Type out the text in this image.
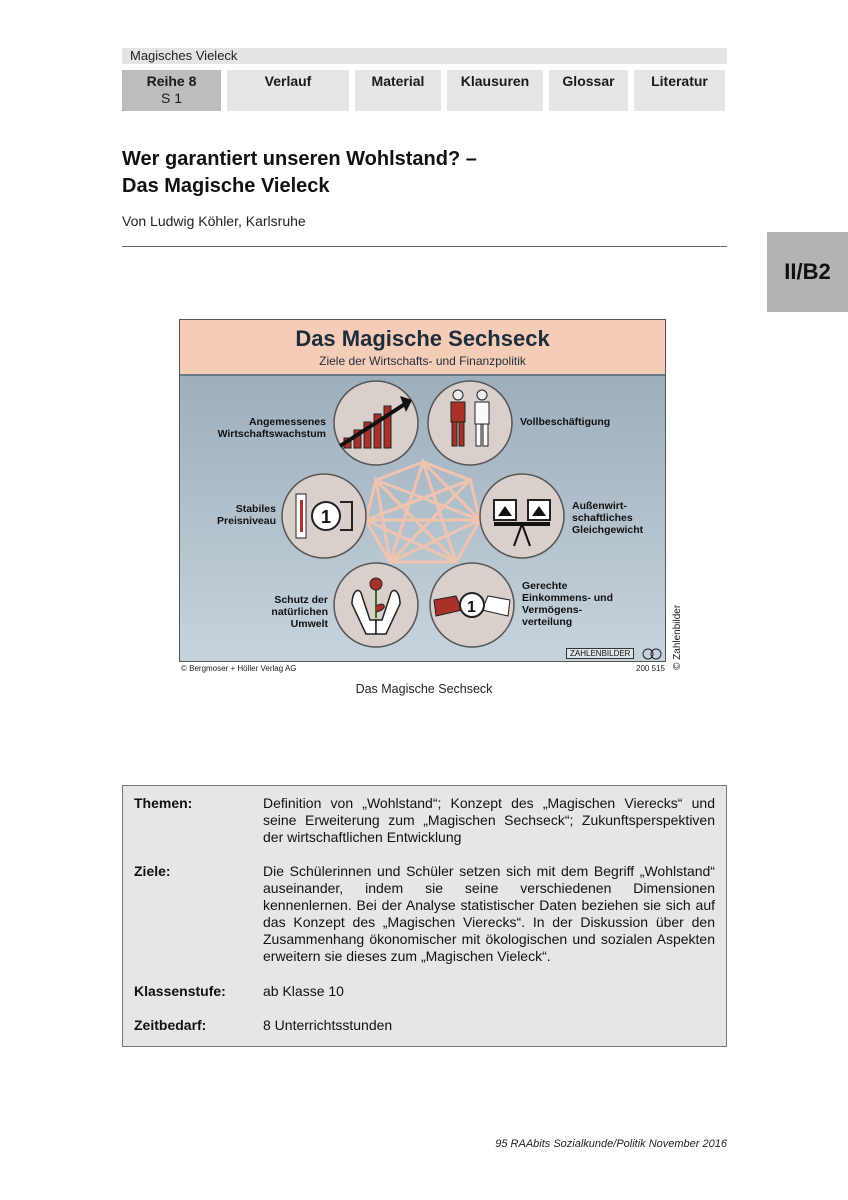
Magisches Vieleck
Reihe 8
S 1
Verlauf	Material	Klausuren	Glossar	Literatur
II/B2
Wer garantiert unseren Wohlstand? –
Das Magische Vieleck
Von Ludwig Köhler, Karlsruhe
1
1
Das Magische Sechseck
Ziele der Wirtschafts- und Finanzpolitik
Angemessenes Wirtschaftswachstum
Vollbeschäftigung
Stabiles Preisniveau
Außenwirt- schaftliches Gleichgewicht
Schutz der natürlichen Umwelt
Gerechte Einkommens- und Vermögens- verteilung
ZAHLENBILDER
© Bergmoser + Höller Verlag AG	200 515 © Zahlenbilder
Das Magische Sechseck
Themen:	Definition von „Wohlstand“; Konzept des „Magischen Vierecks“ und seine Erweiterung zum „Magischen Sechseck“; Zukunftsperspektiven der wirtschaftlichen Entwicklung
Ziele:	Die Schülerinnen und Schüler setzen sich mit dem Begriff „Wohlstand“ auseinander, indem sie seine verschiedenen Dimensionen kennenlernen. Bei der Analyse statistischer Daten beziehen sie sich auf das Konzept des „Magischen Vierecks“. In der Diskussion über den Zusammenhang ökonomischer mit ökologischen und sozialen Aspekten erweitern sie dieses zum „Magischen Vieleck“.
Klassenstufe:	ab Klasse 10
Zeitbedarf:	8 Unterrichtsstunden
95 RAAbits Sozialkunde/Politik November 2016
